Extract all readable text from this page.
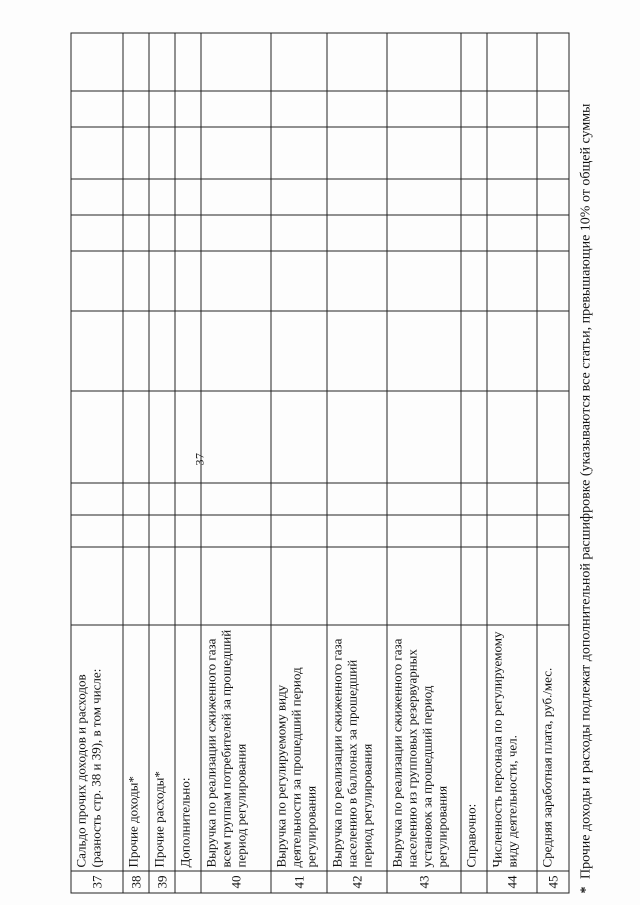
37
37	Сальдо прочих доходов и расходов (разность стр. 38 и 39), в том числе:											
38	Прочие доходы*											
39	Прочие расходы*											
	Дополнительно:											
40	Выручка по реализации сжиженного газа всем группам потребителей за прошедший период регулирования											
41	Выручка по регулируемому виду деятельности за прошедший период регулирования											
42	Выручка по реализации сжиженного газа населению в баллонах за прошедший период регулирования											
43	Выручка по реализации сжиженного газа населению из групповых резервуарных установок за прошедший период регулирования											
	Справочно:											
44	Численность персонала по регулируемому виду деятельности, чел.											
45	Средняя заработная плата, руб./мес.											
* Прочие доходы и расходы подлежат дополнительной расшифровке (указываются все статьи, превышающие 10% от общей суммы
